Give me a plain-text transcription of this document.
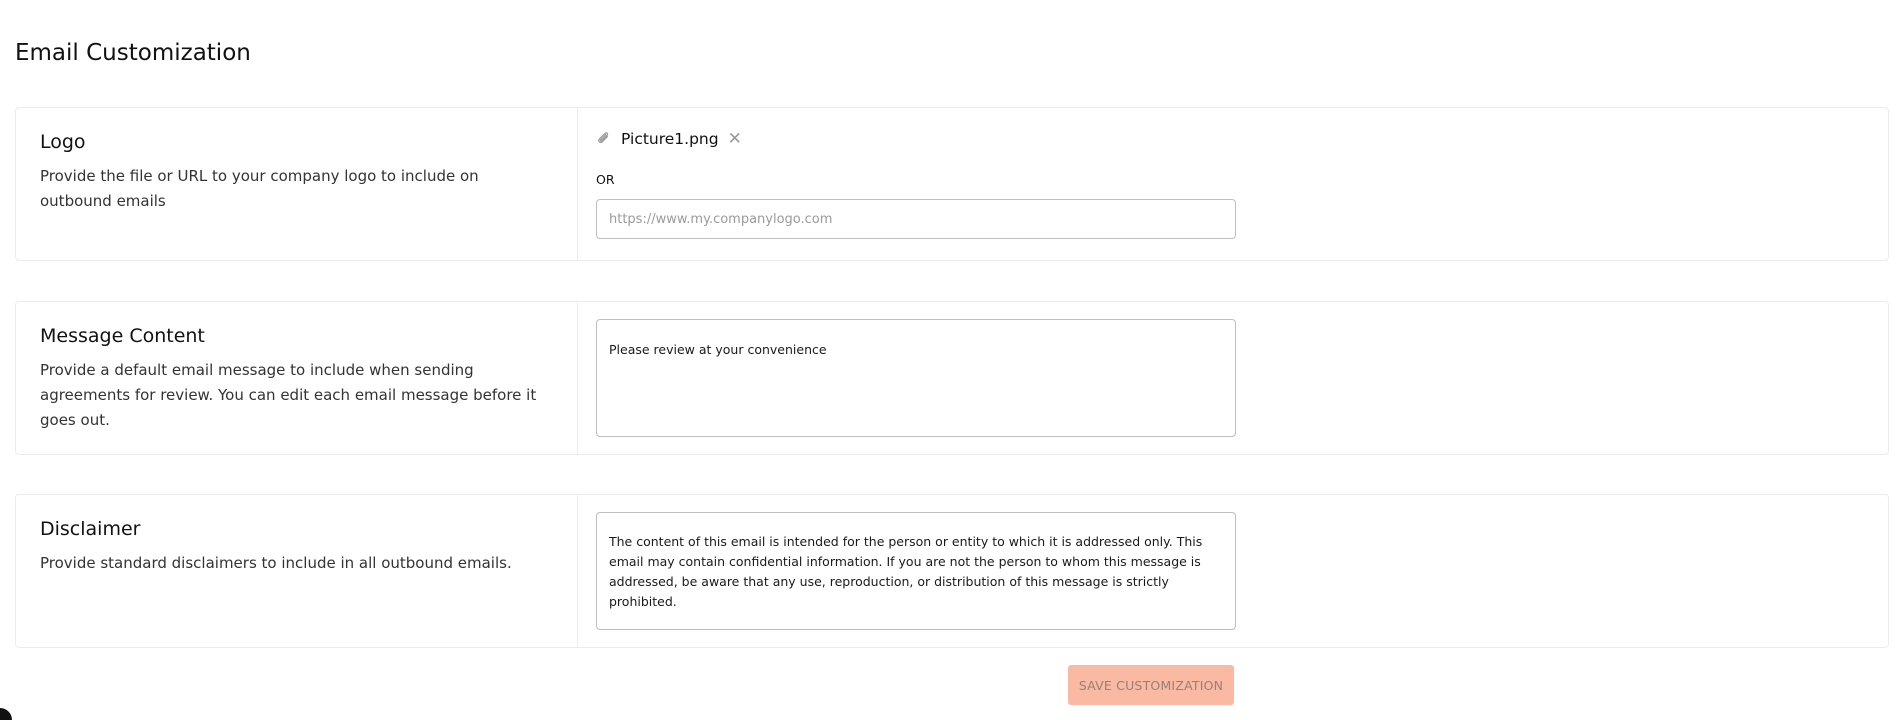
Email Customization
Logo

Provide the file or URL to your company logo to include on outbound emails

Picture1.png ✕
OR
https://www.my.companylogo.com
Message Content

Provide a default email message to include when sending agreements for review. You can edit each email message before it goes out.

Please review at your convenience
Disclaimer

Provide standard disclaimers to include in all outbound emails.

The content of this email is intended for the person or entity to which it is addressed only. This email may contain confidential information. If you are not the person to whom this message is addressed, be aware that any use, reproduction, or distribution of this message is strictly prohibited.
SAVE CUSTOMIZATION
